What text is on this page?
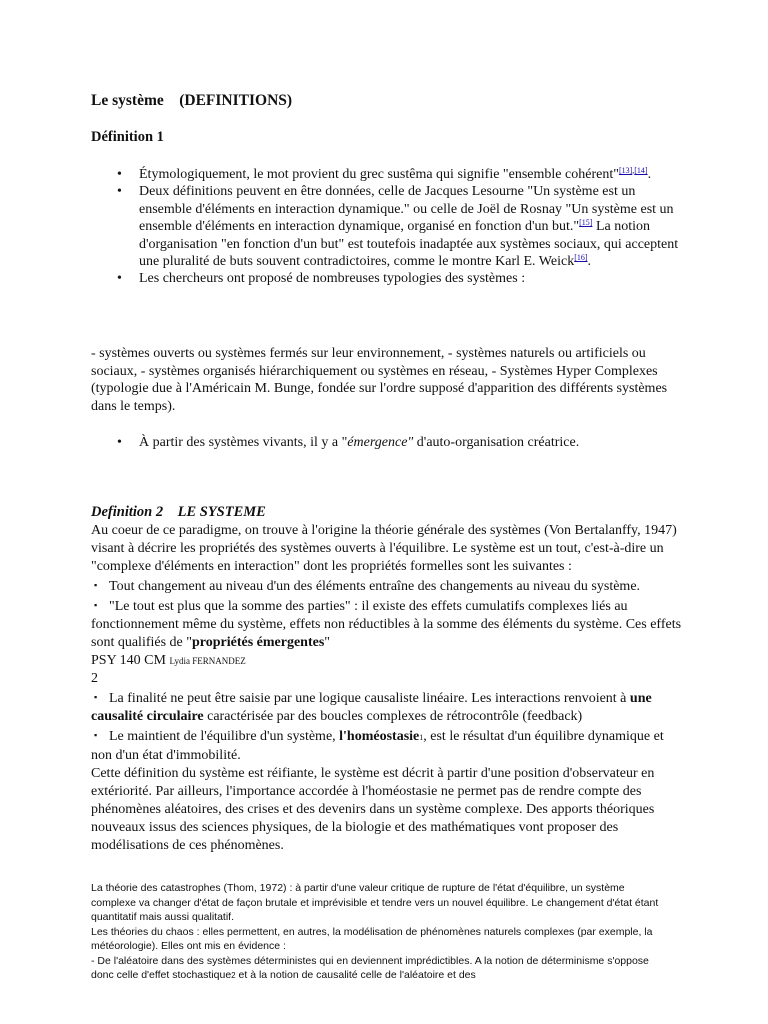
Le système    (DEFINITIONS)
Définition 1
• Étymologiquement, le mot provient du grec sustêma qui signifie "ensemble cohérent"[13],[14].
• Deux définitions peuvent en être données, celle de Jacques Lesourne "Un système est un ensemble d'éléments en interaction dynamique." ou celle de Joël de Rosnay "Un système est un ensemble d'éléments en interaction dynamique, organisé en fonction d'un but."[15] La notion d'organisation "en fonction d'un but" est toutefois inadaptée aux systèmes sociaux, qui acceptent une pluralité de buts souvent contradictoires, comme le montre Karl E. Weick[16].
• Les chercheurs ont proposé de nombreuses typologies des systèmes :
- systèmes ouverts ou systèmes fermés sur leur environnement, - systèmes naturels ou artificiels ou sociaux, - systèmes organisés hiérarchiquement ou systèmes en réseau, - Systèmes Hyper Complexes (typologie due à l'Américain M. Bunge, fondée sur l'ordre supposé d'apparition des différents systèmes dans le temps).
• À partir des systèmes vivants, il y a "émergence" d'auto-organisation créatrice.
Definition 2    LE SYSTEME

Au coeur de ce paradigme, on trouve à l'origine la théorie générale des systèmes (Von Bertalanffy, 1947) visant à décrire les propriétés des systèmes ouverts à l'équilibre. Le système est un tout, c'est-à-dire un "complexe d'éléments en interaction" dont les propriétés formelles sont les suivantes :

▪ Tout changement au niveau d'un des éléments entraîne des changements au niveau du système.

▪ "Le tout est plus que la somme des parties" : il existe des effets cumulatifs complexes liés au fonctionnement même du système, effets non réductibles à la somme des éléments du système. Ces effets sont qualifiés de "propriétés émergentes"

PSY 140 CM Lydia FERNANDEZ

2

▪ La finalité ne peut être saisie par une logique causaliste linéaire. Les interactions renvoient à une causalité circulaire caractérisée par des boucles complexes de rétrocontrôle (feedback)

▪ Le maintient de l'équilibre d'un système, l'homéostasie1, est le résultat d'un équilibre dynamique et non d'un état d'immobilité.

Cette définition du système est réifiante, le système est décrit à partir d'une position d'observateur en extériorité. Par ailleurs, l'importance accordée à l'homéostasie ne permet pas de rendre compte des phénomènes aléatoires, des crises et des devenirs dans un système complexe. Des apports théoriques nouveaux issus des sciences physiques, de la biologie et des mathématiques vont proposer des modélisations de ces phénomènes.

La théorie des catastrophes (Thom, 1972) : à partir d'une valeur critique de rupture de l'état d'équilibre, un système complexe va changer d'état de façon brutale et imprévisible et tendre vers un nouvel équilibre. Le changement d'état étant quantitatif mais aussi qualitatif.

Les théories du chaos : elles permettent, en autres, la modélisation de phénomènes naturels complexes (par exemple, la météorologie). Elles ont mis en évidence :

- De l'aléatoire dans des systèmes déterministes qui en deviennent imprédictibles. A la notion de déterminisme s'oppose donc celle d'effet stochastique2 et à la notion de causalité celle de l'aléatoire et des
